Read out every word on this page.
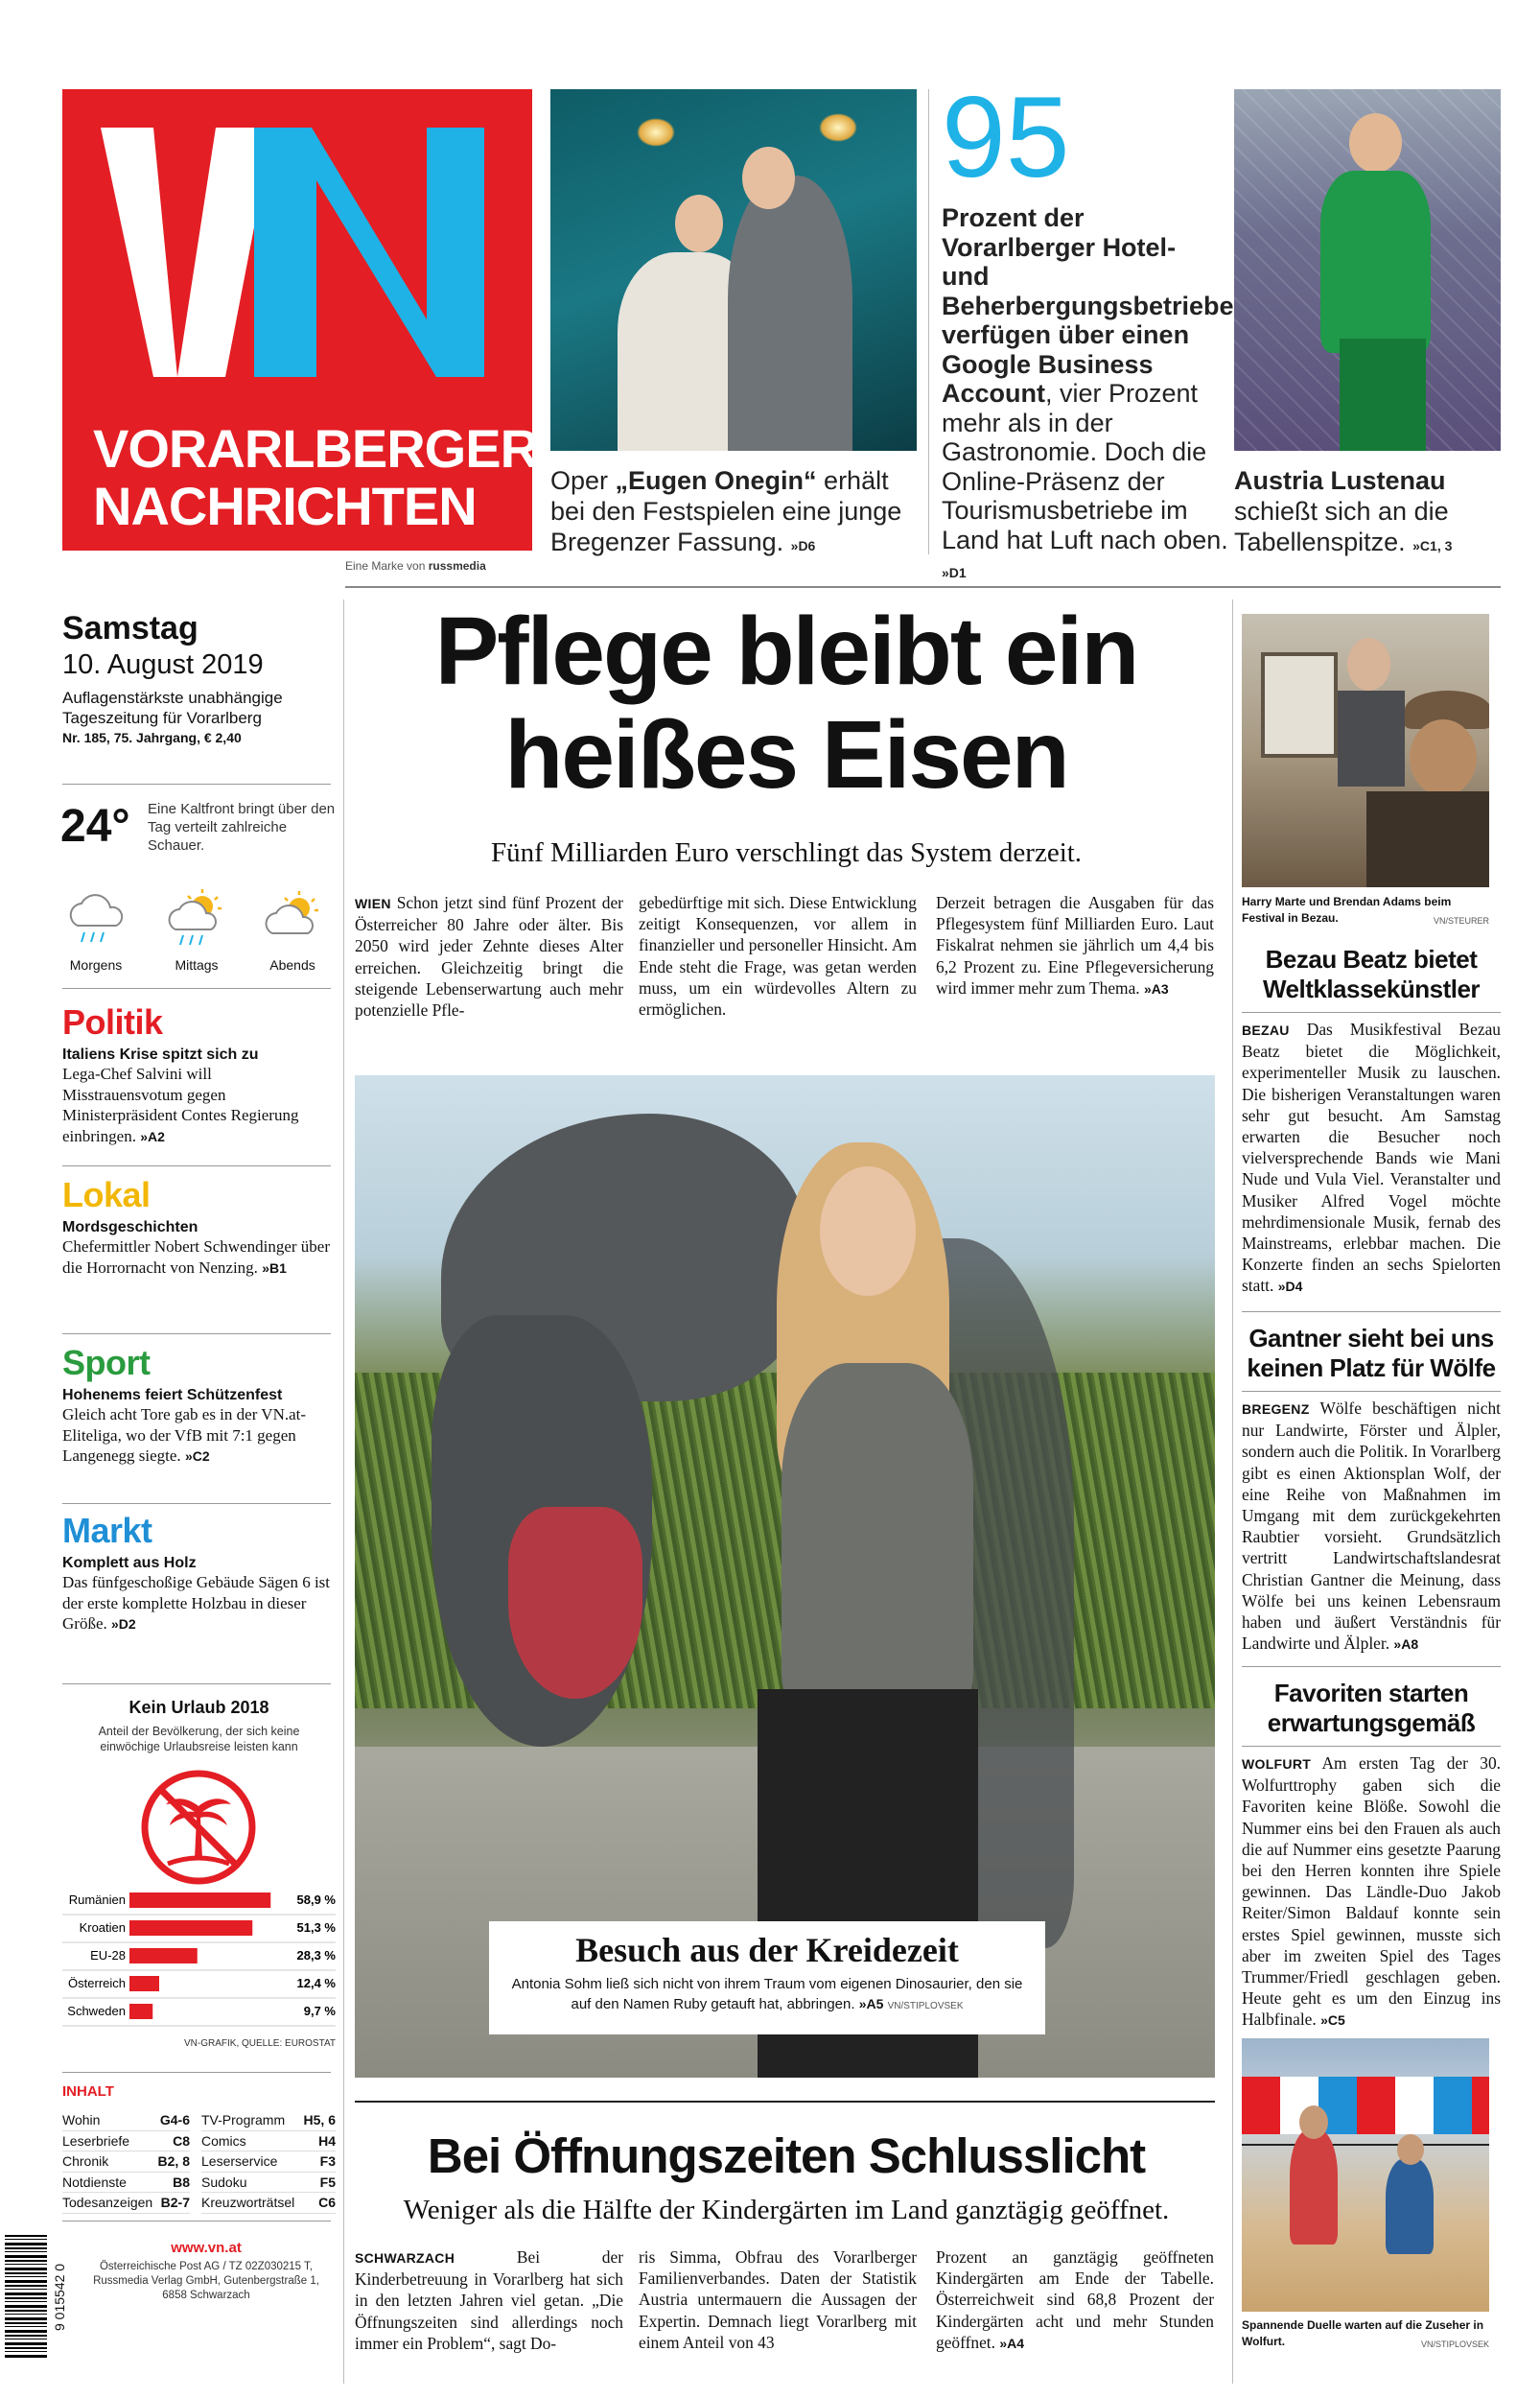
VORARLBERGER
NACHRICHTEN
Eine Marke von russmedia
Oper „Eugen Onegin“ erhält bei den Festspielen eine junge Bregenzer Fassung. »D6
95
Prozent der Vorarlberger Hotel- und Beherbergungsbetriebe verfügen über einen Google Business Account, vier Prozent mehr als in der Gastronomie. Doch die Online-Präsenz der Tourismusbetriebe im Land hat Luft nach oben. »D1
Austria Lustenau
schießt sich an die Tabellenspitze. »C1, 3
Samstag
10. August 2019
Auflagenstärkste unabhängige
Tageszeitung für Vorarlberg
Nr. 185, 75. Jahrgang, € 2,40
24° Eine Kaltfront bringt über den Tag verteilt zahlreiche Schauer.
Morgens	Mittags	Abends
Politik
Italiens Krise spitzt sich zu
Lega-Chef Salvini will Misstrauensvotum gegen Ministerpräsident Contes Regierung einbringen. »A2
Lokal
Mordsgeschichten
Chefermittler Nobert Schwendinger über die Horrornacht von Nenzing. »B1
Sport
Hohenems feiert Schützenfest
Gleich acht Tore gab es in der VN.at-Eliteliga, wo der VfB mit 7:1 gegen Langenegg siegte. »C2
Markt
Komplett aus Holz
Das fünfgeschoßige Gebäude Sägen 6 ist der erste komplette Holzbau in dieser Größe. »D2
Kein Urlaub 2018
Anteil der Bevölkerung, der sich keine einwöchige Urlaubsreise leisten kann
Rumänien	58,9 %
Kroatien	51,3 %
EU-28	28,3 %
Österreich	12,4 %
Schweden	9,7 %
VN-GRAFIK, QUELLE: EUROSTAT
INHALT
Wohin	G4-6
Leserbriefe	C8
Chronik	B2, 8
Notdienste	B8
Todesanzeigen B2-7
TV-Programm H5, 6
Comics	H4
Leserservice	F3
Sudoku	F5
Kreuzworträtsel C6
9 015542 0
www.vn.at
Österreichische Post AG / TZ 02Z030215 T,
Russmedia Verlag GmbH, Gutenbergstraße 1,
6858 Schwarzach
Pflege bleibt ein
heißes Eisen
Fünf Milliarden Euro verschlingt das System derzeit.
WIEN Schon jetzt sind fünf Prozent der Österreicher 80 Jahre oder älter. Bis 2050 wird jeder Zehnte dieses Alter erreichen. Gleichzeitig bringt die steigende Lebenserwartung auch mehr potenzielle Pfle-
gebedürftige mit sich. Diese Entwicklung zeitigt Konsequenzen, vor allem in finanzieller und personeller Hinsicht. Am Ende steht die Frage, was getan werden muss, um ein würdevolles Altern zu ermöglichen.
Derzeit betragen die Ausgaben für das Pflegesystem fünf Milliarden Euro. Laut Fiskalrat nehmen sie jährlich um 4,4 bis 6,2 Prozent zu. Eine Pflegeversicherung wird immer mehr zum Thema. »A3
Besuch aus der Kreidezeit
Antonia Sohm ließ sich nicht von ihrem Traum vom eigenen Dinosaurier, den sie auf den Namen Ruby getauft hat, abbringen. »A5 VN/STIPLOVSEK
Bei Öffnungszeiten Schlusslicht
Weniger als die Hälfte der Kindergärten im Land ganztägig geöffnet.
SCHWARZACH	Bei der Kinderbetreuung in Vorarlberg hat sich in den letzten Jahren viel getan. „Die Öffnungszeiten sind allerdings noch immer ein Problem“, sagt Do-
ris Simma, Obfrau des Vorarlberger Familienverbandes. Daten der Statistik Austria untermauern die Aussagen der Expertin. Demnach liegt Vorarlberg mit einem Anteil von 43
Prozent an ganztägig geöffneten Kindergärten am Ende der Tabelle. Österreichweit sind 68,8 Prozent der Kindergärten acht und mehr Stunden geöffnet. »A4
Harry Marte und Brendan Adams beim Festival in Bezau.	VN/STEURER
Bezau Beatz bietet Weltklassekünstler
BEZAU Das Musikfestival Bezau Beatz bietet die Möglichkeit, experimenteller Musik zu lauschen. Die bisherigen Veranstaltungen waren sehr gut besucht. Am Samstag erwarten die Besucher noch vielversprechende Bands wie Mani Nude und Vula Viel. Veranstalter und Musiker Alfred Vogel möchte mehrdimensionale Musik, fernab des Mainstreams, erlebbar machen. Die Konzerte finden an sechs Spielorten statt. »D4
Gantner sieht bei uns keinen Platz für Wölfe
BREGENZ Wölfe beschäftigen nicht nur Landwirte, Förster und Älpler, sondern auch die Politik. In Vorarlberg gibt es einen Aktionsplan Wolf, der eine Reihe von Maßnahmen im Umgang mit dem zurückgekehrten Raubtier vorsieht. Grundsätzlich vertritt Landwirtschaftslandesrat Christian Gantner die Meinung, dass Wölfe bei uns keinen Lebensraum haben und äußert Verständnis für Landwirte und Älpler. »A8
Favoriten starten erwartungsgemäß
WOLFURT Am ersten Tag der 30. Wolfurttrophy gaben sich die Favoriten keine Blöße. Sowohl die Nummer eins bei den Frauen als auch die auf Nummer eins gesetzte Paarung bei den Herren konnten ihre Spiele gewinnen. Das Ländle-Duo Jakob Reiter/Simon Baldauf konnte sein erstes Spiel gewinnen, musste sich aber im zweiten Spiel des Tages Trummer/Friedl geschlagen geben. Heute geht es um den Einzug ins Halbfinale. »C5
Spannende Duelle warten auf die Zuseher in Wolfurt.	VN/STIPLOVSEK
